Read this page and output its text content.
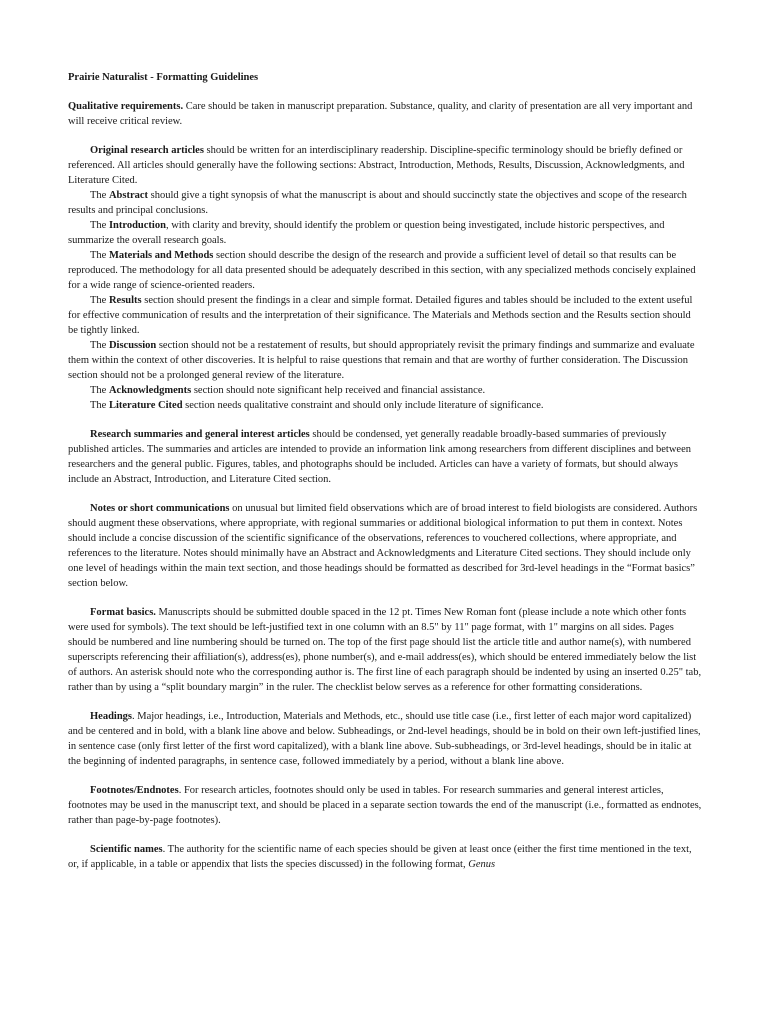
Prairie Naturalist - Formatting Guidelines

Qualitative requirements. Care should be taken in manuscript preparation. Substance, quality, and clarity of presentation are all very important and will receive critical review.

Original research articles should be written for an interdisciplinary readership. Discipline-specific terminology should be briefly defined or referenced. All articles should generally have the following sections: Abstract, Introduction, Methods, Results, Discussion, Acknowledgments, and Literature Cited.

The Abstract should give a tight synopsis of what the manuscript is about and should succinctly state the objectives and scope of the research results and principal conclusions.

The Introduction, with clarity and brevity, should identify the problem or question being investigated, include historic perspectives, and summarize the overall research goals.

The Materials and Methods section should describe the design of the research and provide a sufficient level of detail so that results can be reproduced. The methodology for all data presented should be adequately described in this section, with any specialized methods concisely explained for a wide range of science-oriented readers.

The Results section should present the findings in a clear and simple format. Detailed figures and tables should be included to the extent useful for effective communication of results and the interpretation of their significance. The Materials and Methods section and the Results section should be tightly linked.

The Discussion section should not be a restatement of results, but should appropriately revisit the primary findings and summarize and evaluate them within the context of other discoveries. It is helpful to raise questions that remain and that are worthy of further consideration. The Discussion section should not be a prolonged general review of the literature.

The Acknowledgments section should note significant help received and financial assistance.

The Literature Cited section needs qualitative constraint and should only include literature of significance.

Research summaries and general interest articles should be condensed, yet generally readable broadly-based summaries of previously published articles. The summaries and articles are intended to provide an information link among researchers from different disciplines and between researchers and the general public. Figures, tables, and photographs should be included. Articles can have a variety of formats, but should always include an Abstract, Introduction, and Literature Cited section.

Notes or short communications on unusual but limited field observations which are of broad interest to field biologists are considered. Authors should augment these observations, where appropriate, with regional summaries or additional biological information to put them in context. Notes should include a concise discussion of the scientific significance of the observations, references to vouchered collections, where appropriate, and references to the literature. Notes should minimally have an Abstract and Acknowledgments and Literature Cited sections. They should include only one level of headings within the main text section, and those headings should be formatted as described for 3rd-level headings in the “Format basics” section below.

Format basics. Manuscripts should be submitted double spaced in the 12 pt. Times New Roman font (please include a note which other fonts were used for symbols). The text should be left-justified text in one column with an 8.5" by 11" page format, with 1" margins on all sides. Pages should be numbered and line numbering should be turned on. The top of the first page should list the article title and author name(s), with numbered superscripts referencing their affiliation(s), address(es), phone number(s), and e-mail address(es), which should be entered immediately below the list of authors. An asterisk should note who the corresponding author is. The first line of each paragraph should be indented by using an inserted 0.25" tab, rather than by using a “split boundary margin” in the ruler. The checklist below serves as a reference for other formatting considerations.

Headings. Major headings, i.e., Introduction, Materials and Methods, etc., should use title case (i.e., first letter of each major word capitalized) and be centered and in bold, with a blank line above and below. Subheadings, or 2nd-level headings, should be in bold on their own left-justified lines, in sentence case (only first letter of the first word capitalized), with a blank line above. Sub-subheadings, or 3rd-level headings, should be in italic at the beginning of indented paragraphs, in sentence case, followed immediately by a period, without a blank line above.

Footnotes/Endnotes. For research articles, footnotes should only be used in tables. For research summaries and general interest articles, footnotes may be used in the manuscript text, and should be placed in a separate section towards the end of the manuscript (i.e., formatted as endnotes, rather than page-by-page footnotes).

Scientific names. The authority for the scientific name of each species should be given at least once (either the first time mentioned in the text, or, if applicable, in a table or appendix that lists the species discussed) in the following format, Genus
